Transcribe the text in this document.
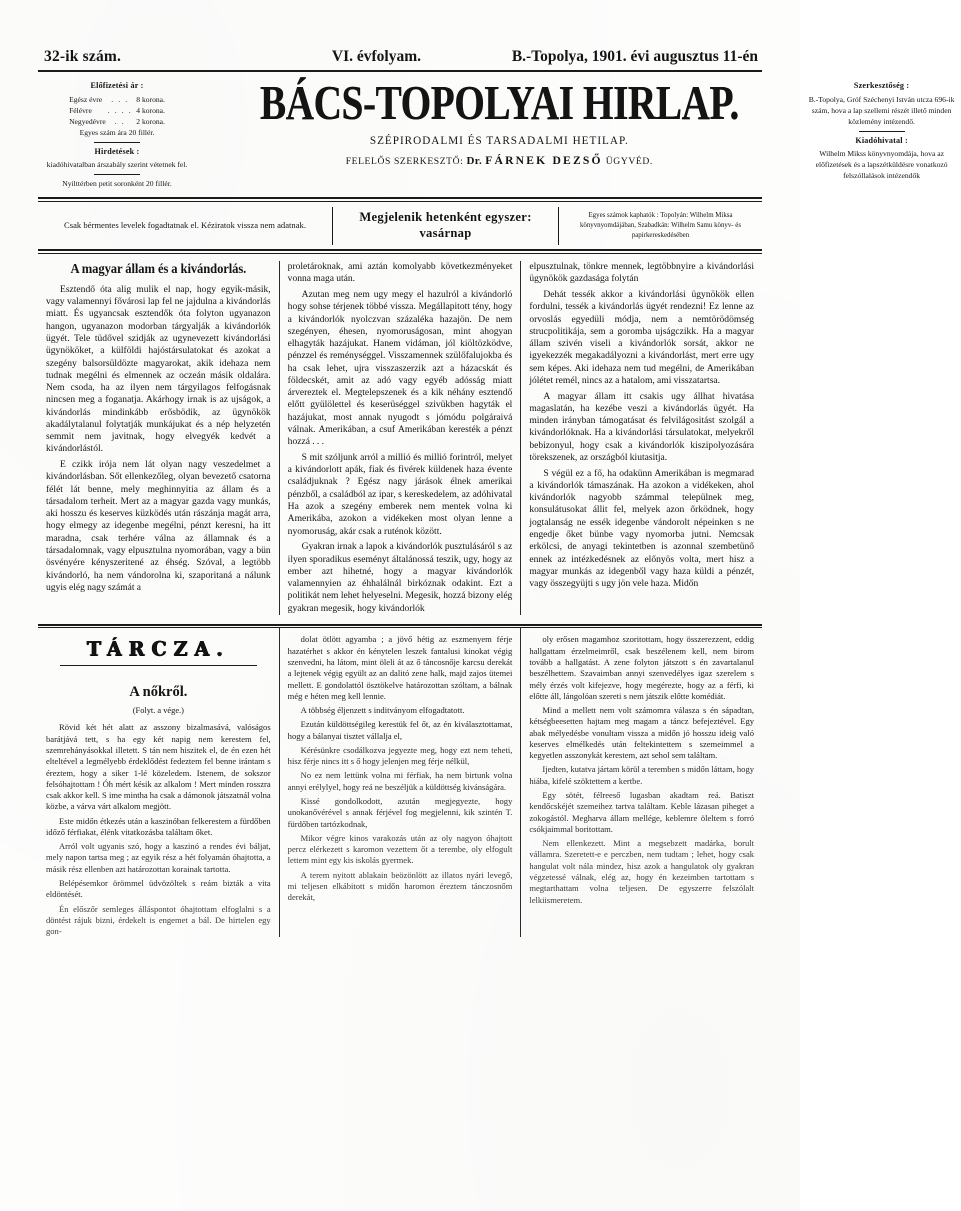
32-ik szám.	VI. évfolyam.	B.-Topolya, 1901. évi augusztus 11-én
Előfizetési ár :
Egész évre	. . .	8 korona.
Félévre	. . . .	4 korona.
Negyedévre	. .	2 korona.

Egyes szám ára 20 fillér.

Hirdetések :

kiadóhivatalban árszabály szerint vétetnek fel.

Nyilttérben petit soronként 20 fillér.

BÁCS-TOPOLYAI HIRLAP.
SZÉPIRODALMI ÉS TARSADALMI HETILAP.
FELELŐS SZERKESZTŐ: Dr. FÁRNEK DEZSŐ ÜGYVÉD.
Szerkesztőség :

B.-Topolya, Gróf Széchenyi István utcza 696-ik szám, hova a lap szellemi részét illető minden közlemény intézendő.

Kiadóhivatal :

Wilhelm Mikss könyvnyomdája, hova az előfizetések és a lapszétküldésre vonatkozó felszóllalások intézendők

Csak bérmentes levelek fogadtatnak el. Kéziratok vissza nem adatnak.
Megjelenik hetenként egyszer:
vasárnap
Egyes számok kaphatók : Topolyán: Wilhelm Miksa könyvnyomdájában, Szabadkán: Wilhelm Samu könyv- és papirkereskedésében
A magyar állam és a kivándorlás.

Esztendő óta alig mulik el nap, hogy egyik-másik, vagy valamennyi fővárosi lap fel ne jajdulna a kivándorlás miatt. És ugyancsak esztendők óta folyton ugyanazon hangon, ugyanazon modorban tárgyalják a kivándorlók ügyét. Tele tüdővel szidják az ugynevezett kivándorlási ügynököket, a külföldi hajóstársulatokat és azokat a szegény balsorsüldözte magyarokat, akik idehaza nem tudnak megélni és elmennek az oczeán másik oldalára. Nem csoda, ha az ilyen nem tárgyilagos felfogásnak nincsen meg a foganatja. Akárhogy irnak is az ujságok, a kivándorlás mindinkább erősbödik, az ügynökök akadálytalanul folytatják munkájukat és a nép helyzetén semmit nem javitnak, hogy elvegyék kedvét a kivándorlástól.

E czikk irója nem lát olyan nagy veszedelmet a kivándorlásban. Sőt ellenkezőleg, olyan bevezető csatorna félét lát benne, mely meghinnyitia az állam és a társadalom terheit. Mert az a magyar gazda vagy munkás, aki hosszu és keserves küzködés után rászánja magát arra, hogy elmegy az idegenbe megélni, pénzt keresni, ha itt maradna, csak terhére válna az államnak és a társadalomnak, vagy elpusztulna nyomorában, vagy a bün ösvényére kényszeritené az éhség. Szóval, a legtöbb kivándorló, ha nem vándorolna ki, szaporitaná a nálunk ugyis elég nagy számát a

proletároknak, ami aztán komolyabb következményeket vonna maga után.

Azutan meg nem ugy megy el hazulról a kivándorló hogy sohse térjenek többé vissza. Megállapitott tény, hogy a kivándorlók nyolczvan százaléka hazajön. De nem szegényen, éhesen, nyomoruságosan, mint ahogyan elhagyták hazájukat. Hanem vidáman, jól kiöltözködve, pénzzel és reménységgel. Visszamennek szülőfalujokba és ha csak lehet, ujra visszaszerzik azt a házacskát és földecskét, amit az adó vagy egyéb adósság miatt árvereztek el. Megtelepszenek és a kik néhány esztendő előtt gyülölettel és keserüséggel szivükben hagyták el hazájukat, most annak nyugodt s jómódu polgáraivá válnak. Amerikában, a csuf Amerikában keresték a pénzt hozzá . . .

S mit szóljunk arról a millió és millió forintról, melyet a kivándorlott apák, fiak és fivérek küldenek haza évente családjuknak ? Egész nagy járások élnek amerikai pénzből, a családból az ipar, s kereskedelem, az adóhivatal Ha azok a szegény emberek nem mentek volna ki Amerikába, azokon a vidékeken most olyan lenne a nyomoruság, akár csak a ruténok között.

Gyakran irnak a lapok a kivándorlók pusztulásáról s az ilyen sporadikus eseményt általánossá teszik, ugy, hogy az ember azt hihetné, hogy a magyar kivándorlók valamennyien az éhhalálnál birkóznak odakint. Ezt a politikát nem lehet helyeselni. Megesik, hozzá bizony elég gyakran megesik, hogy kivándorlók

elpusztulnak, tönkre mennek, legtöbbnyire a kivándorlási ügynökök gazdasága folytán

Dehát tessék akkor a kivándorlási ügynökök ellen fordulni, tessék a kivándorlás ügyét rendezni! Ez lenne az orvoslás egyedüli módja, nem a nemtörödömség strucpolitikája, sem a goromba ujságczikk. Ha a magyar állam szivén viseli a kivándorlók sorsát, akkor ne igyekezzék megakadályozni a kivándorlást, mert erre ugy sem képes. Aki idehaza nem tud megélni, de Amerikában jólétet remél, nincs az a hatalom, ami visszatartsa.

A magyar állam itt csakis ugy állhat hivatása magaslatán, ha kezébe veszi a kivándorlás ügyét. Ha minden irányban támogatásat és felvilágositást szolgál a kivándorlóknak. Ha a kivándorlási társulatokat, melyekről bebizonyul, hogy csak a kivándorlók kiszipolyozására törekszenek, az országból kiutasitja.

S végül ez a fő, ha odakünn Amerikában is megmarad a kivándorlók támaszának. Ha azokon a vidékeken, ahol kivándorlók nagyobb számmal települnek meg, konsulátusokat állit fel, melyek azon őrködnek, hogy jogtalanság ne essék idegenbe vándorolt népeinken s ne engedje őket bünbe vagy nyomorba jutni. Nemcsak erkölcsi, de anyagi tekintetben is azonnal szembetünő ennek az intézkedésnek az előnyös volta, mert hisz a magyar munkás az idegenből vagy haza küldi a pénzét, vagy összegyüjti s ugy jön vele haza. Midőn

TÁRCZA.
A nőkről.
(Folyt. a vége.)

Rövid két hét alatt az asszony bizalmasává, valóságos barátjává tett, s ha egy két napig nem kerestem fel, szemrehányásokkal illetett. S tán nem hiszitek el, de én ezen hét elteltével a legmélyebb érdeklődést fedeztem fel benne irántam s éreztem, hogy a siker 1-lé közeledem. Istenem, de sokszor felsóhajtottam ! Óh mért késik az alkalom ! Mert minden rosszra csak akkor kell. S ime mintha ha csak a dámonok játszatnál volna közbe, a várva várt alkalom megjött.

Este midőn étkezés után a kaszinóban felkerestem a fürdőben időző férfiakat, élénk vitatkozásba találtam őket.

Arról volt ugyanis szó, hogy a kaszinó a rendes évi báljat, mely napon tartsa meg ; az egyik rész a hét folyamán óhajtotta, a másik rész ellenben azt határozottan korainak tartotta.

Belépésemkor örömmel üdvözöltek s reám bizták a vita eldöntését.

Én előszőr semleges álláspontot óhajtottam elfoglalni s a döntést rájuk bizni, érdekelt is engemet a bál. De hirtelen egy gon-

dolat ötlött agyamba ; a jövő hétig az eszmenyem férje hazatérhet s akkor én kénytelen leszek fantalusi kinokat végig szenvedni, ha látom, mint öleli át az ő táncosnője karcsu derekát a lejtenek végig egyült az an dalitó zene halk, majd zajos ütemei mellett. E gondolattól ösztökelve határozottan szóltam, a bálnak még e héten meg kell lennie.

A többség éljenzett s inditványom elfogadtatott.

Ezután küldöttségileg kerestük fel őt, az én kiválasztottamat, hogy a bálanyai tisztet vállalja el,

Kérésünkre csodálkozva jegyezte meg, hogy ezt nem teheti, hisz férje nincs itt s ő hogy jelenjen meg férje nélkül,

No ez nem lettünk volna mi férfiak, ha nem birtunk volna annyi erélylyel, hogy reá ne beszéljük a küldöttség kivánságára.

Kissé gondolkodott, azután megjegyezte, hogy unokanővérével s annak férjével fog megjelenni, kik szintén T. fürdőben tartózkodnak,

Mikor végre kinos varakozás után az oly nagyon óhajtott percz elérkezett s karomon vezettem őt a terembe, oly elfogult lettem mint egy kis iskolás gyermek.

A terem nyitott ablakain beözönlött az illatos nyári levegő, mi teljesen elkábitott s midőn haromon éreztem tánczosnőm derekát,

oly erősen magamhoz szoritottam, hogy összerezzent, eddig hallgattam érzelmeimről, csak beszélenem kell, nem birom tovább a hallgatást. A zene folyton játszott s én zavartalanul beszélhettem. Szavaimban annyi szenvedélyes igaz szerelem s mély érzés volt kifejezve, hogy megérezte, hogy az a férfi, ki előtte áll, lángolóan szereti s nem játszik előtte komédiát.

Mind a mellett nem volt számomra válasza s én sápadtan, kétségbeesetten hajtam meg magam a táncz befejeztével. Egy abak mélyedésbe vonultam vissza a midőn jó hosszu ideig való keserves elmélkedés után feltekintettem s szemeimmel a kegyetlen asszonykát kerestem, azt sehol sem találtam.

Ijedten, kutatva jártam körül a teremben s midőn láttam, hogy hiába, kifelé szöktettem a kertbe.

Egy sötét, félreeső lugasban akadtam reá. Batiszt kendőcskéjét szemeihez tartva találtam. Keble lázasan piheget a zokogástól. Megharva állam mellége, keblemre öleltem s forró csókjaimmal boritottam.

Nem ellenkezett. Mint a megsebzett madárka, borult vállamra. Szeretett-e e perczben, nem tudtam ; lehet, hogy csak hangulat volt nála mindez, hisz azok a hangulatok oly gyakran végzetessé válnak, elég az, hogy én kezeimben tartottam s megtarthattam volna teljesen. De egyszerre felszólalt lelkiismeretem.
